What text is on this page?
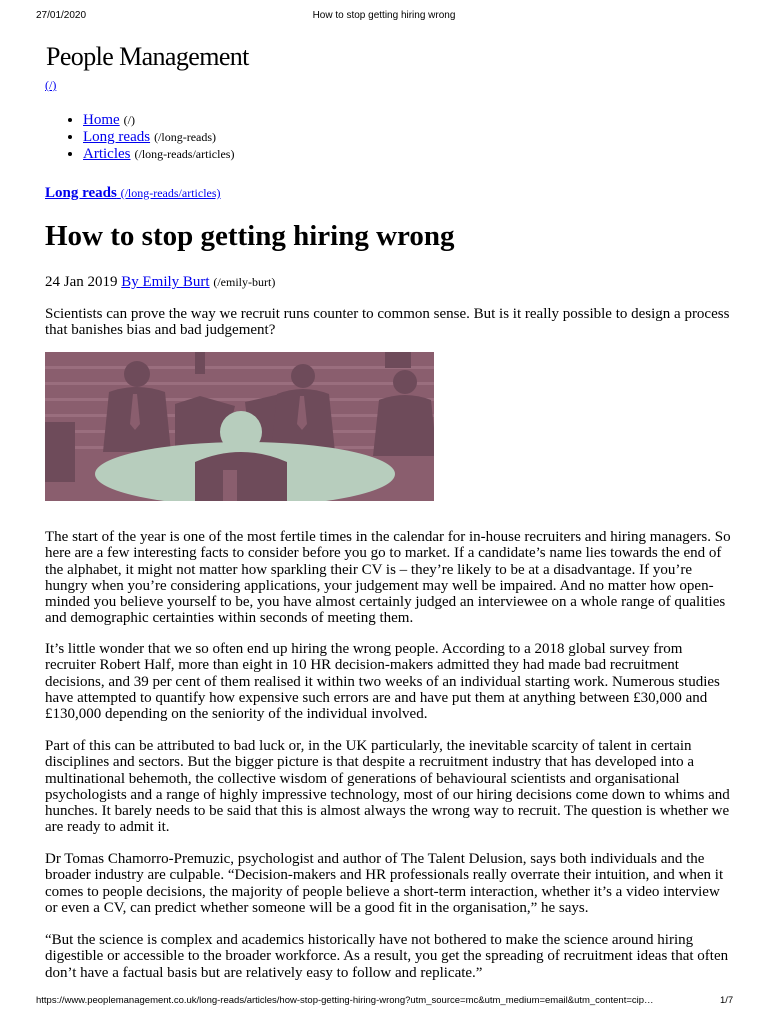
27/01/2020	How to stop getting hiring wrong
People Management
(/)
• Home (/)
• Long reads (/long-reads)
• Articles (/long-reads/articles)
Long reads (/long-reads/articles)
How to stop getting hiring wrong
24 Jan 2019 By Emily Burt (/emily-burt)

Scientists can prove the way we recruit runs counter to common sense. But is it really possible to design a process that banishes bias and bad judgement?

The start of the year is one of the most fertile times in the calendar for in-house recruiters and hiring managers. So here are a few interesting facts to consider before you go to market. If a candidate’s name lies towards the end of the alphabet, it might not matter how sparkling their CV is – they’re likely to be at a disadvantage. If you’re hungry when you’re considering applications, your judgement may well be impaired. And no matter how open-minded you believe yourself to be, you have almost certainly judged an interviewee on a whole range of qualities and demographic certainties within seconds of meeting them.

It’s little wonder that we so often end up hiring the wrong people. According to a 2018 global survey from recruiter Robert Half, more than eight in 10 HR decision-makers admitted they had made bad recruitment decisions, and 39 per cent of them realised it within two weeks of an individual starting work. Numerous studies have attempted to quantify how expensive such errors are and have put them at anything between £30,000 and £130,000 depending on the seniority of the individual involved.

Part of this can be attributed to bad luck or, in the UK particularly, the inevitable scarcity of talent in certain disciplines and sectors. But the bigger picture is that despite a recruitment industry that has developed into a multinational behemoth, the collective wisdom of generations of behavioural scientists and organisational psychologists and a range of highly impressive technology, most of our hiring decisions come down to whims and hunches. It barely needs to be said that this is almost always the wrong way to recruit. The question is whether we are ready to admit it.

Dr Tomas Chamorro-Premuzic, psychologist and author of The Talent Delusion, says both individuals and the broader industry are culpable. “Decision-makers and HR professionals really overrate their intuition, and when it comes to people decisions, the majority of people believe a short-term interaction, whether it’s a video interview or even a CV, can predict whether someone will be a good fit in the organisation,” he says.

“But the science is complex and academics historically have not bothered to make the science around hiring digestible or accessible to the broader workforce. As a result, you get the spreading of recruitment ideas that often don’t have a factual basis but are relatively easy to follow and replicate.”

https://www.peoplemanagement.co.uk/long-reads/articles/how-stop-getting-hiring-wrong?utm_source=mc&utm_medium=email&utm_content=cip…	1/7
